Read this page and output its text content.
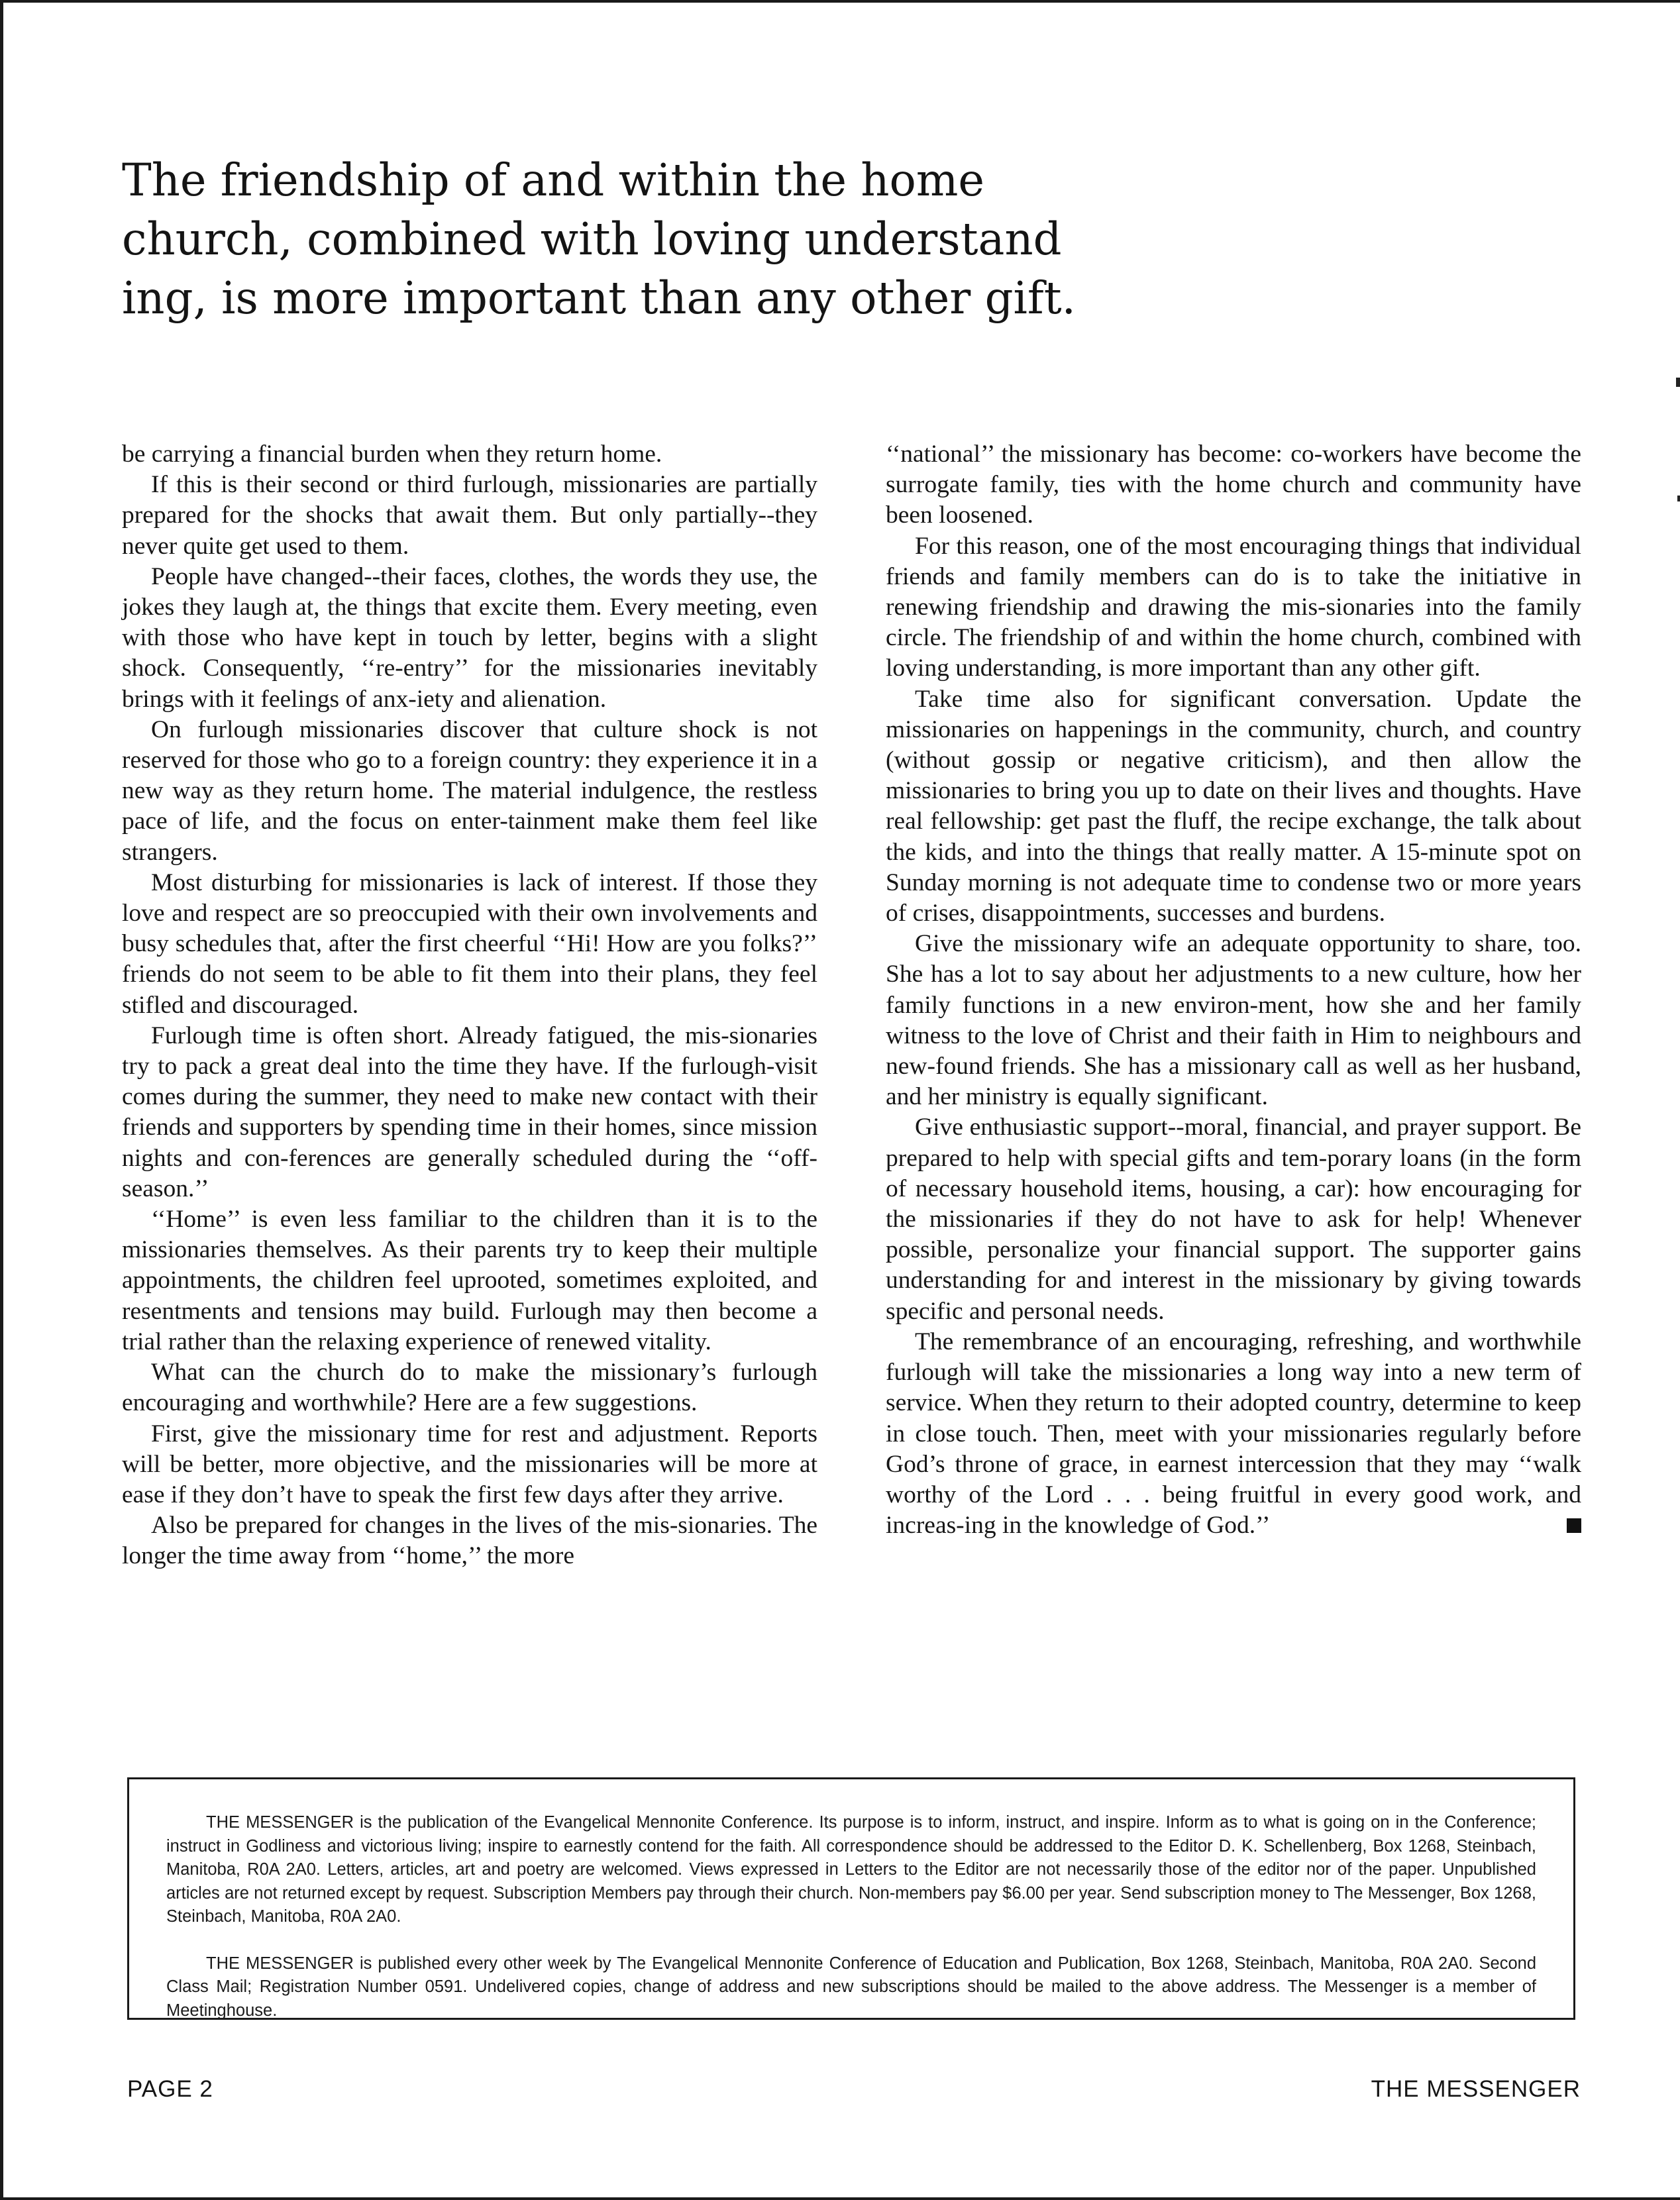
The friendship of and within the home
church, combined with loving understand
ing, is more important than any other gift.

be carrying a financial burden when they return home.

If this is their second or third furlough, missionaries are partially prepared for the shocks that await them. But only partially--they never quite get used to them.

People have changed--their faces, clothes, the words they use, the jokes they laugh at, the things that excite them. Every meeting, even with those who have kept in touch by letter, begins with a slight shock. Consequently, ‘‘re-entry’’ for the missionaries inevitably brings with it feelings of anx-iety and alienation.

On furlough missionaries discover that culture shock is not reserved for those who go to a foreign country: they experience it in a new way as they return home. The material indulgence, the restless pace of life, and the focus on enter-tainment make them feel like strangers.

Most disturbing for missionaries is lack of interest. If those they love and respect are so preoccupied with their own involvements and busy schedules that, after the first cheerful ‘‘Hi! How are you folks?’’ friends do not seem to be able to fit them into their plans, they feel stifled and discouraged.

Furlough time is often short. Already fatigued, the mis-sionaries try to pack a great deal into the time they have. If the furlough-visit comes during the summer, they need to make new contact with their friends and supporters by spending time in their homes, since mission nights and con-ferences are generally scheduled during the ‘‘off-season.’’

‘‘Home’’ is even less familiar to the children than it is to the missionaries themselves. As their parents try to keep their multiple appointments, the children feel uprooted, sometimes exploited, and resentments and tensions may build. Furlough may then become a trial rather than the relaxing experience of renewed vitality.

What can the church do to make the missionary’s furlough encouraging and worthwhile? Here are a few suggestions.

First, give the missionary time for rest and adjustment. Reports will be better, more objective, and the missionaries will be more at ease if they don’t have to speak the first few days after they arrive.

Also be prepared for changes in the lives of the mis-sionaries. The longer the time away from ‘‘home,’’ the more

‘‘national’’ the missionary has become: co-workers have become the surrogate family, ties with the home church and community have been loosened.

For this reason, one of the most encouraging things that individual friends and family members can do is to take the initiative in renewing friendship and drawing the mis-sionaries into the family circle. The friendship of and within the home church, combined with loving understanding, is more important than any other gift.

Take time also for significant conversation. Update the missionaries on happenings in the community, church, and country (without gossip or negative criticism), and then allow the missionaries to bring you up to date on their lives and thoughts. Have real fellowship: get past the fluff, the recipe exchange, the talk about the kids, and into the things that really matter. A 15-minute spot on Sunday morning is not adequate time to condense two or more years of crises, disappointments, successes and burdens.

Give the missionary wife an adequate opportunity to share, too. She has a lot to say about her adjustments to a new culture, how her family functions in a new environ-ment, how she and her family witness to the love of Christ and their faith in Him to neighbours and new-found friends. She has a missionary call as well as her husband, and her ministry is equally significant.

Give enthusiastic support--moral, financial, and prayer support. Be prepared to help with special gifts and tem-porary loans (in the form of necessary household items, housing, a car): how encouraging for the missionaries if they do not have to ask for help! Whenever possible, personalize your financial support. The supporter gains understanding for and interest in the missionary by giving towards specific and personal needs.

The remembrance of an encouraging, refreshing, and worthwhile furlough will take the missionaries a long way into a new term of service. When they return to their adopted country, determine to keep in close touch. Then, meet with your missionaries regularly before God’s throne of grace, in earnest intercession that they may ‘‘walk worthy of the Lord . . . being fruitful in every good work, and increas-ing in the knowledge of God.’’

THE MESSENGER is the publication of the Evangelical Mennonite Conference. Its purpose is to inform, instruct, and inspire. Inform as to what is going on in the Conference; instruct in Godliness and victorious living; inspire to earnestly contend for the faith. All correspondence should be addressed to the Editor D. K. Schellenberg, Box 1268, Steinbach, Manitoba, R0A 2A0. Letters, articles, art and poetry are welcomed. Views expressed in Letters to the Editor are not necessarily those of the editor nor of the paper. Unpublished articles are not returned except by request. Subscription Members pay through their church. Non-members pay $6.00 per year. Send subscription money to The Messenger, Box 1268, Steinbach, Manitoba, R0A 2A0.

THE MESSENGER is published every other week by The Evangelical Mennonite Conference of Education and Publication, Box 1268, Steinbach, Manitoba, R0A 2A0. Second Class Mail; Registration Number 0591. Undelivered copies, change of address and new subscriptions should be mailed to the above address. The Messenger is a member of Meetinghouse.

PAGE 2	THE MESSENGER
